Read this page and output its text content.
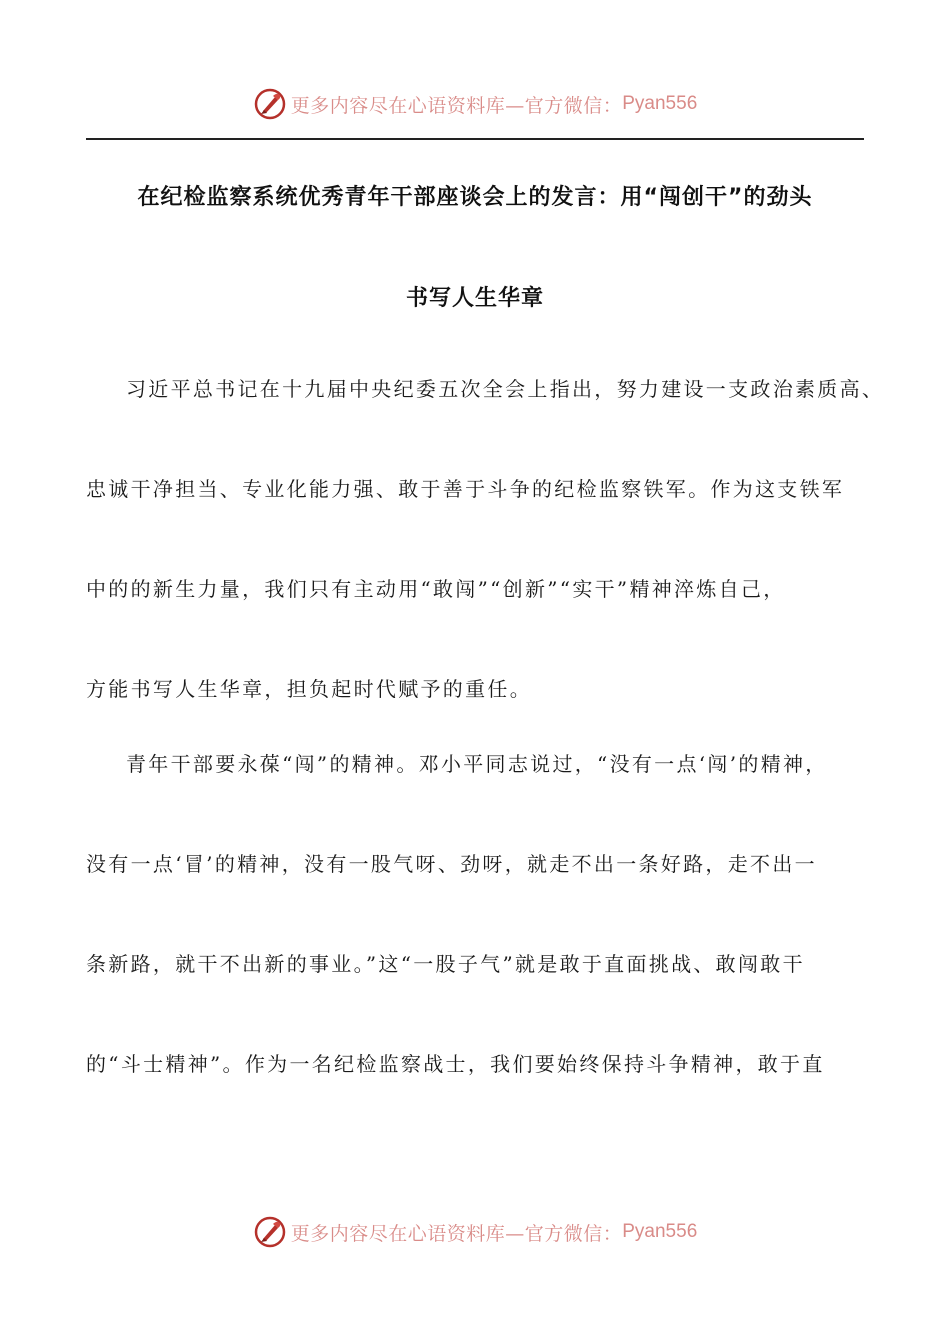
更多内容尽在心语资料库—官方微信： Pyan556
在纪检监察系统优秀青年干部座谈会上的发言：用“闯创干”的劲头
书写人生华章
习近平总书记在十九届中央纪委五次全会上指出，努力建设一支政治素质高、
忠诚干净担当、专业化能力强、敢于善于斗争的纪检监察铁军。作为这支铁军
中的的新生力量，我们只有主动用“敢闯”“创新”“实干”精神淬炼自己，
方能书写人生华章，担负起时代赋予的重任。
青年干部要永葆“闯”的精神。邓小平同志说过，“没有一点‘闯’的精神，
没有一点‘冒’的精神，没有一股气呀、劲呀，就走不出一条好路，走不出一
条新路，就干不出新的事业。”这“一股子气”就是敢于直面挑战、敢闯敢干
的“斗士精神”。作为一名纪检监察战士，我们要始终保持斗争精神，敢于直
更多内容尽在心语资料库—官方微信： Pyan556
